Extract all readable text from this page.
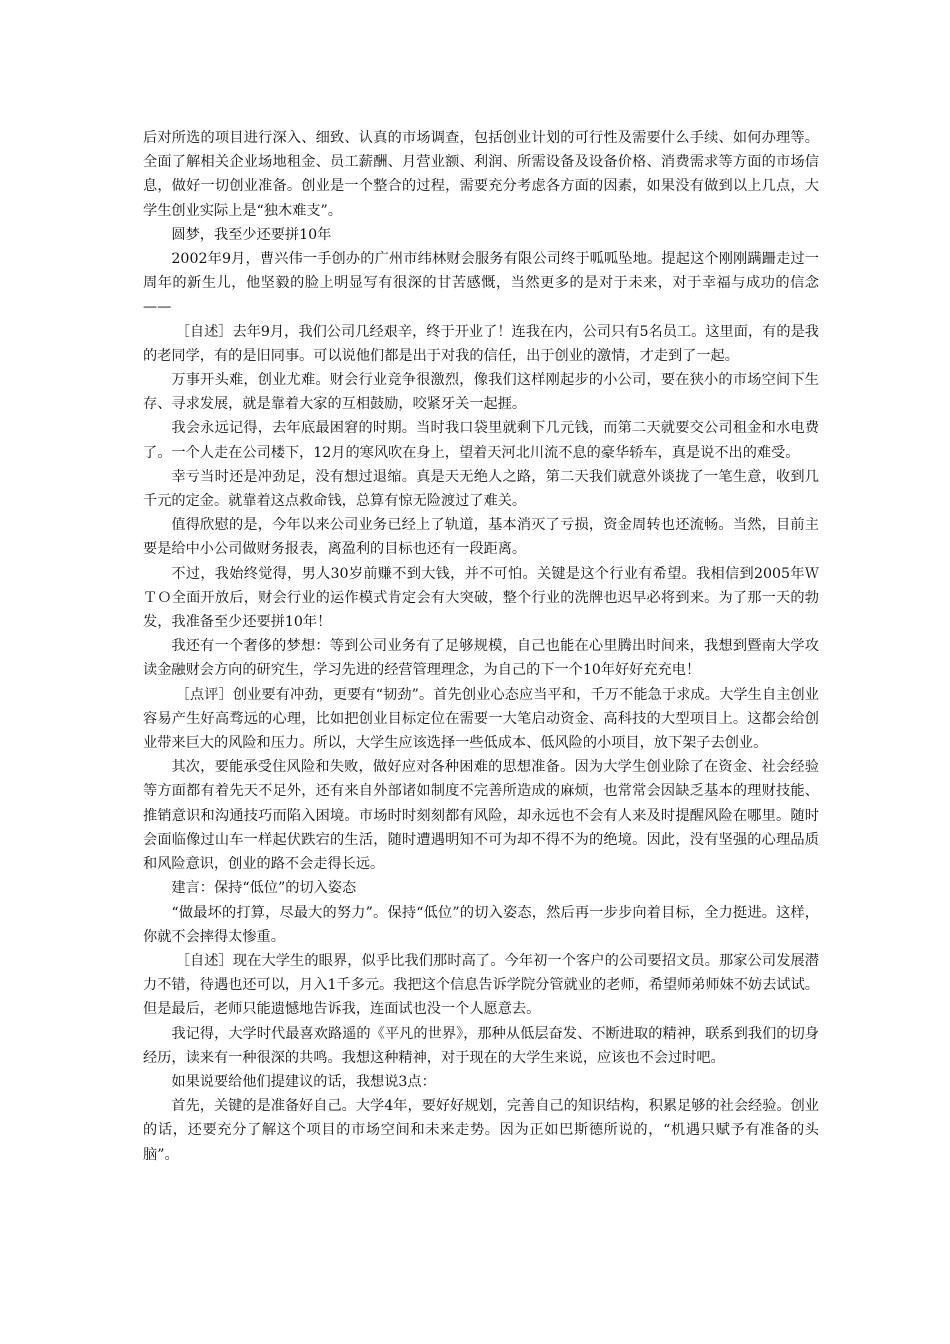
后对所选的项目进行深入、细致、认真的市场调查，包括创业计划的可行性及需要什么手续、如何办理等。全面了解相关企业场地租金、员工薪酬、月营业额、利润、所需设备及设备价格、消费需求等方面的市场信息，做好一切创业准备。创业是一个整合的过程，需要充分考虑各方面的因素，如果没有做到以上几点，大学生创业实际上是“独木难支”。

圆梦，我至少还要拼10年

2002年9月，曹兴伟一手创办的广州市纬林财会服务有限公司终于呱呱坠地。提起这个刚刚蹒跚走过一周年的新生儿，他坚毅的脸上明显写有很深的甘苦感慨，当然更多的是对于未来，对于幸福与成功的信念——

［自述］去年9月，我们公司几经艰辛，终于开业了！连我在内，公司只有5名员工。这里面，有的是我的老同学，有的是旧同事。可以说他们都是出于对我的信任，出于创业的激情，才走到了一起。

万事开头难，创业尤难。财会行业竞争很激烈，像我们这样刚起步的小公司，要在狭小的市场空间下生存、寻求发展，就是靠着大家的互相鼓励，咬紧牙关一起捱。

我会永远记得，去年底最困窘的时期。当时我口袋里就剩下几元钱，而第二天就要交公司租金和水电费了。一个人走在公司楼下，12月的寒风吹在身上，望着天河北川流不息的豪华轿车，真是说不出的难受。

幸亏当时还是冲劲足，没有想过退缩。真是天无绝人之路，第二天我们就意外谈拢了一笔生意，收到几千元的定金。就靠着这点救命钱，总算有惊无险渡过了难关。

值得欣慰的是，今年以来公司业务已经上了轨道，基本消灭了亏损，资金周转也还流畅。当然，目前主要是给中小公司做财务报表，离盈利的目标也还有一段距离。

不过，我始终觉得，男人30岁前赚不到大钱，并不可怕。关键是这个行业有希望。我相信到2005年ＷＴＯ全面开放后，财会行业的运作模式肯定会有大突破，整个行业的洗牌也迟早必将到来。为了那一天的勃发，我准备至少还要拼10年！

我还有一个奢侈的梦想：等到公司业务有了足够规模，自己也能在心里腾出时间来，我想到暨南大学攻读金融财会方向的研究生，学习先进的经营管理理念，为自己的下一个10年好好充充电！

［点评］创业要有冲劲，更要有“韧劲”。首先创业心态应当平和，千万不能急于求成。大学生自主创业容易产生好高骛远的心理，比如把创业目标定位在需要一大笔启动资金、高科技的大型项目上。这都会给创业带来巨大的风险和压力。所以，大学生应该选择一些低成本、低风险的小项目，放下架子去创业。

其次，要能承受住风险和失败，做好应对各种困难的思想准备。因为大学生创业除了在资金、社会经验等方面都有着先天不足外，还有来自外部诸如制度不完善所造成的麻烦，也常常会因缺乏基本的理财技能、推销意识和沟通技巧而陷入困境。市场时时刻刻都有风险，却永远也不会有人来及时提醒风险在哪里。随时会面临像过山车一样起伏跌宕的生活，随时遭遇明知不可为却不得不为的绝境。因此，没有坚强的心理品质和风险意识，创业的路不会走得长远。

建言：保持“低位”的切入姿态

“做最坏的打算，尽最大的努力”。保持“低位”的切入姿态，然后再一步步向着目标，全力挺进。这样，你就不会摔得太惨重。

［自述］现在大学生的眼界，似乎比我们那时高了。今年初一个客户的公司要招文员。那家公司发展潜力不错，待遇也还可以，月入1千多元。我把这个信息告诉学院分管就业的老师，希望师弟师妹不妨去试试。但是最后，老师只能遗憾地告诉我，连面试也没一个人愿意去。

我记得，大学时代最喜欢路遥的《平凡的世界》，那种从低层奋发、不断进取的精神，联系到我们的切身经历，读来有一种很深的共鸣。我想这种精神，对于现在的大学生来说，应该也不会过时吧。

如果说要给他们提建议的话，我想说3点：

首先，关键的是准备好自己。大学4年，要好好规划，完善自己的知识结构，积累足够的社会经验。创业的话，还要充分了解这个项目的市场空间和未来走势。因为正如巴斯德所说的，“机遇只赋予有准备的头脑”。
